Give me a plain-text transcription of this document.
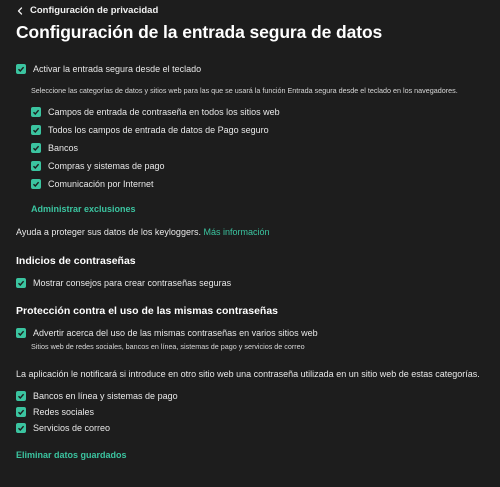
Configuración de privacidad
Configuración de la entrada segura de datos
Activar la entrada segura desde el teclado
Seleccione las categorías de datos y sitios web para las que se usará la función Entrada segura desde el teclado en los navegadores.
Campos de entrada de contraseña en todos los sitios web
Todos los campos de entrada de datos de Pago seguro
Bancos
Compras y sistemas de pago
Comunicación por Internet
Administrar exclusiones
Ayuda a proteger sus datos de los keyloggers. Más información
Indicios de contraseñas
Mostrar consejos para crear contraseñas seguras
Protección contra el uso de las mismas contraseñas
Advertir acerca del uso de las mismas contraseñas en varios sitios web
Sitios web de redes sociales, bancos en línea, sistemas de pago y servicios de correo
La aplicación le notificará si introduce en otro sitio web una contraseña utilizada en un sitio web de estas categorías.
Bancos en línea y sistemas de pago
Redes sociales
Servicios de correo
Eliminar datos guardados
